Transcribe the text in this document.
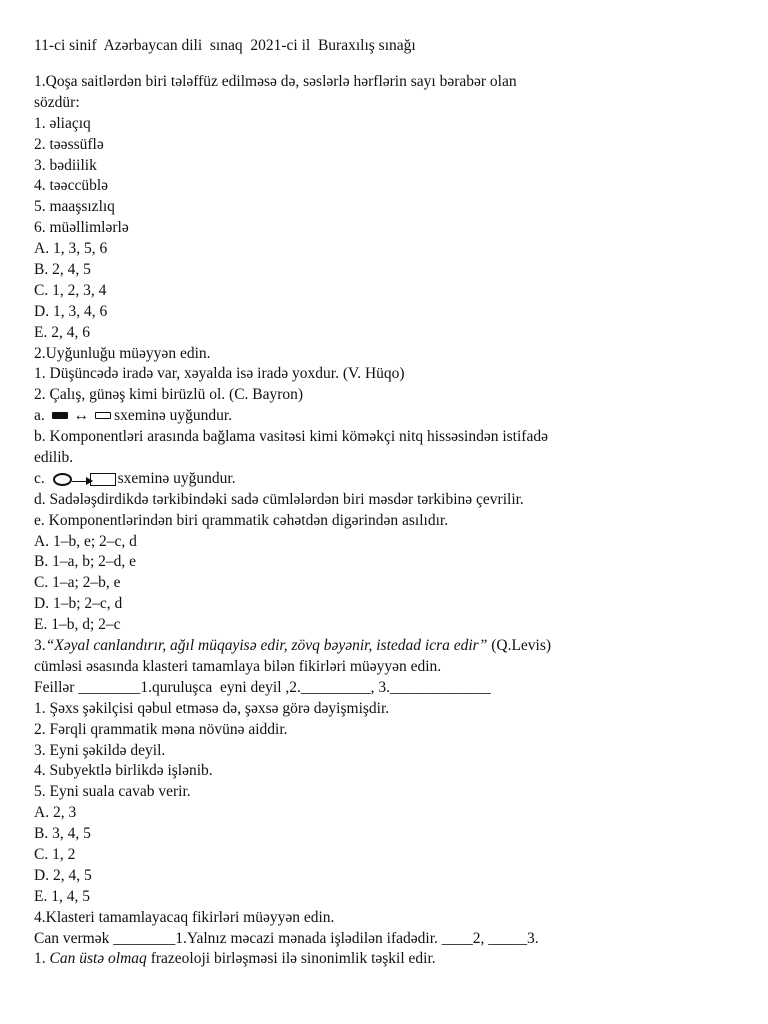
11-ci sinif  Azərbaycan dili  sınaq  2021-ci il  Buraxılış sınağı
1.Qoşa saitlərdən biri tələffüz edilməsə də, səslərlə hərflərin sayı bərabər olan
sözdür:
1. əliaçıq
2. təəssüflə
3. bədiilik
4. təəccüblə
5. maaşsızlıq
6. müəllimlərlə
A. 1, 3, 5, 6
B. 2, 4, 5
C. 1, 2, 3, 4
D. 1, 3, 4, 6
E. 2, 4, 6
2.Uyğunluğu müəyyən edin.
1. Düşüncədə iradə var, xəyalda isə iradə yoxdur. (V. Hüqo)
2. Çalış, günəş kimi birüzlü ol. (C. Bayron)
a. ↔ sxeminə uyğundur.
b. Komponentləri arasında bağlama vasitəsi kimi köməkçi nitq hissəsindən istifadə
edilib.
c.	sxeminə uyğundur.
d. Sadələşdirdikdə tərkibindəki sadə cümlələrdən biri məsdər tərkibinə çevrilir.
e. Komponentlərindən biri qrammatik cəhətdən digərindən asılıdır.
A. 1–b, e; 2–c, d
B. 1–a, b; 2–d, e
C. 1–a; 2–b, e
D. 1–b; 2–c, d
E. 1–b, d; 2–c
3.“Xəyal canlandırır, ağıl müqayisə edir, zövq bəyənir, istedad icra edir” (Q.Levis)
cümləsi əsasında klasteri tamamlaya bilən fikirləri müəyyən edin.
Feillər ________1.quruluşca  eyni deyil ,2._________, 3._____________
1. Şəxs şəkilçisi qəbul etməsə də, şəxsə görə dəyişmişdir.
2. Fərqli qrammatik məna növünə aiddir.
3. Eyni şəkildə deyil.
4. Subyektlə birlikdə işlənib.
5. Eyni suala cavab verir.
A. 2, 3
B. 3, 4, 5
C. 1, 2
D. 2, 4, 5
E. 1, 4, 5
4.Klasteri tamamlayacaq fikirləri müəyyən edin.
Can vermək ________1.Yalnız məcazi mənada işlədilən ifadədir. ____2, _____3.
1. Can üstə olmaq frazeoloji birləşməsi ilə sinonimlik təşkil edir.
